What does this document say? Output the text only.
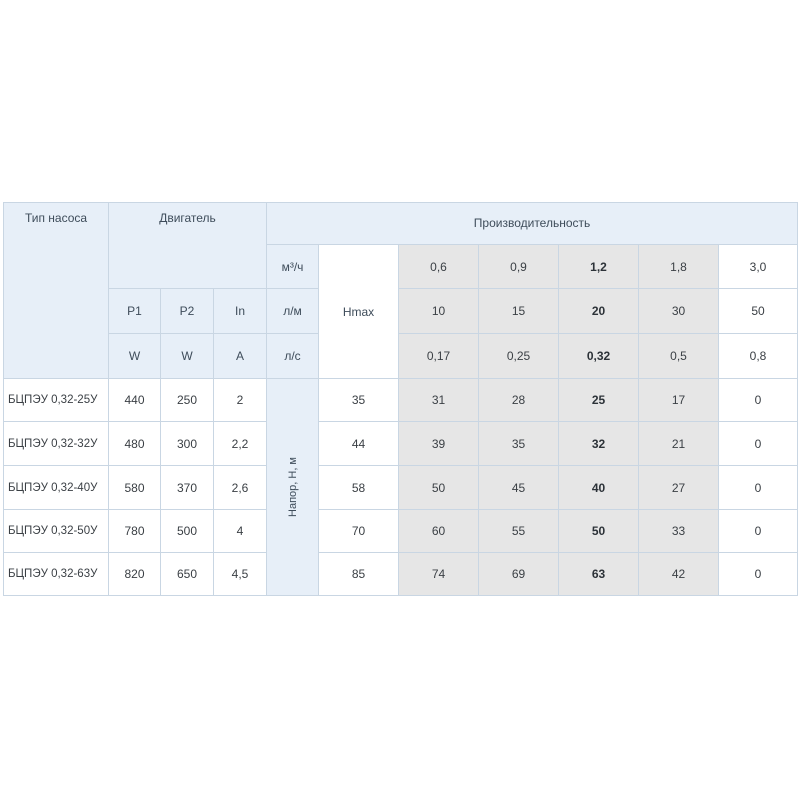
Тип насоса	Двигатель			Производительность						
				м³/ч	Hmax	0,6	0,9	1,2	1,8	3,0
	P1	P2	In	л/м		10	15	20	30	50
	W	W	A	л/с		0,17	0,25	0,32	0,5	0,8
БЦПЭУ 0,32-25У	440	250	2	Напор, Н, м	35	31	28	25	17	0
БЦПЭУ 0,32-32У	480	300	2,2		44	39	35	32	21	0
БЦПЭУ 0,32-40У	580	370	2,6		58	50	45	40	27	0
БЦПЭУ 0,32-50У	780	500	4		70	60	55	50	33	0
БЦПЭУ 0,32-63У	820	650	4,5		85	74	69	63	42	0
